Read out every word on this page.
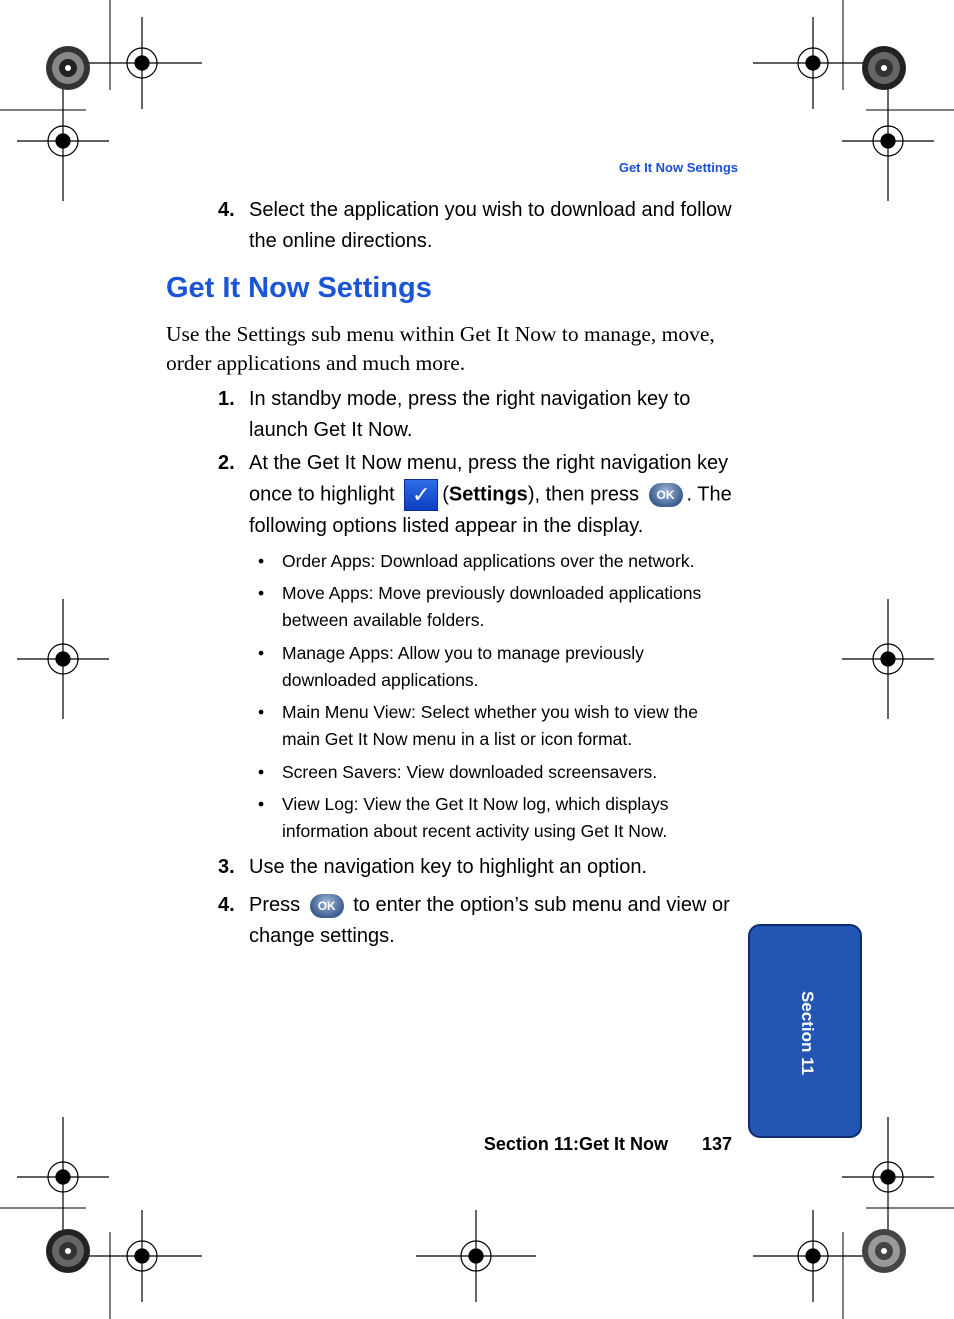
Get It Now Settings
4. Select the application you wish to download and follow the online directions.
Get It Now Settings
Use the Settings sub menu within Get It Now to manage, move, order applications and much more.
1. In standby mode, press the right navigation key to launch Get It Now.
2. At the Get It Now menu, press the right navigation key once to highlight ✓ (Settings), then press OK . The following options listed appear in the display.
• Order Apps: Download applications over the network.
• Move Apps: Move previously downloaded applications between available folders.
• Manage Apps: Allow you to manage previously downloaded applications.
• Main Menu View: Select whether you wish to view the main Get It Now menu in a list or icon format.
• Screen Savers: View downloaded screensavers.
• View Log: View the Get It Now log, which displays information about recent activity using Get It Now.
3. Use the navigation key to highlight an option.
4. Press OK to enter the option’s sub menu and view or change settings.
Section 11
Section 11:Get It Now 137
